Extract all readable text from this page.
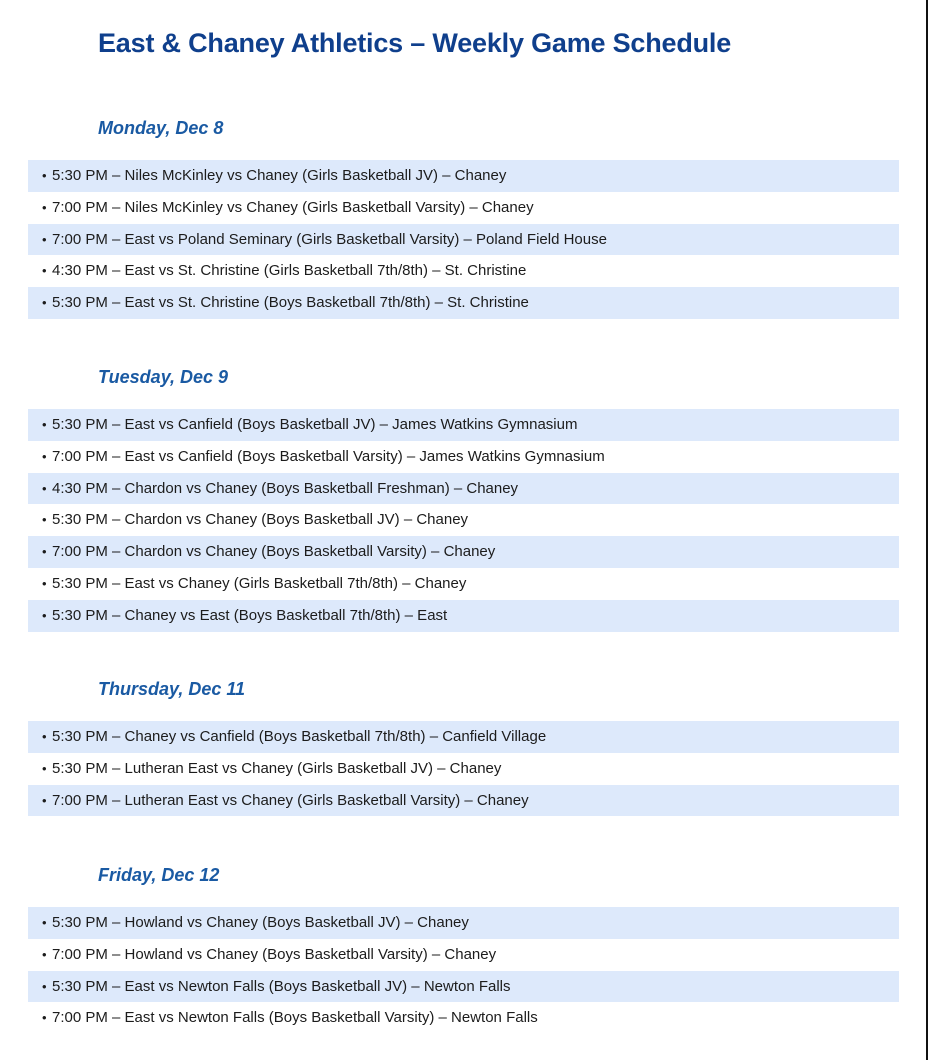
East & Chaney Athletics – Weekly Game Schedule
Monday, Dec 8
• 5:30 PM – Niles McKinley vs Chaney (Girls Basketball JV) – Chaney
• 7:00 PM – Niles McKinley vs Chaney (Girls Basketball Varsity) – Chaney
• 7:00 PM – East vs Poland Seminary (Girls Basketball Varsity) – Poland Field House
• 4:30 PM – East vs St. Christine (Girls Basketball 7th/8th) – St. Christine
• 5:30 PM – East vs St. Christine (Boys Basketball 7th/8th) – St. Christine
Tuesday, Dec 9
• 5:30 PM – East vs Canfield (Boys Basketball JV) – James Watkins Gymnasium
• 7:00 PM – East vs Canfield (Boys Basketball Varsity) – James Watkins Gymnasium
• 4:30 PM – Chardon vs Chaney (Boys Basketball Freshman) – Chaney
• 5:30 PM – Chardon vs Chaney (Boys Basketball JV) – Chaney
• 7:00 PM – Chardon vs Chaney (Boys Basketball Varsity) – Chaney
• 5:30 PM – East vs Chaney (Girls Basketball 7th/8th) – Chaney
• 5:30 PM – Chaney vs East (Boys Basketball 7th/8th) – East
Thursday, Dec 11
• 5:30 PM – Chaney vs Canfield (Boys Basketball 7th/8th) – Canfield Village
• 5:30 PM – Lutheran East vs Chaney (Girls Basketball JV) – Chaney
• 7:00 PM – Lutheran East vs Chaney (Girls Basketball Varsity) – Chaney
Friday, Dec 12
• 5:30 PM – Howland vs Chaney (Boys Basketball JV) – Chaney
• 7:00 PM – Howland vs Chaney (Boys Basketball Varsity) – Chaney
• 5:30 PM – East vs Newton Falls (Boys Basketball JV) – Newton Falls
• 7:00 PM – East vs Newton Falls (Boys Basketball Varsity) – Newton Falls
